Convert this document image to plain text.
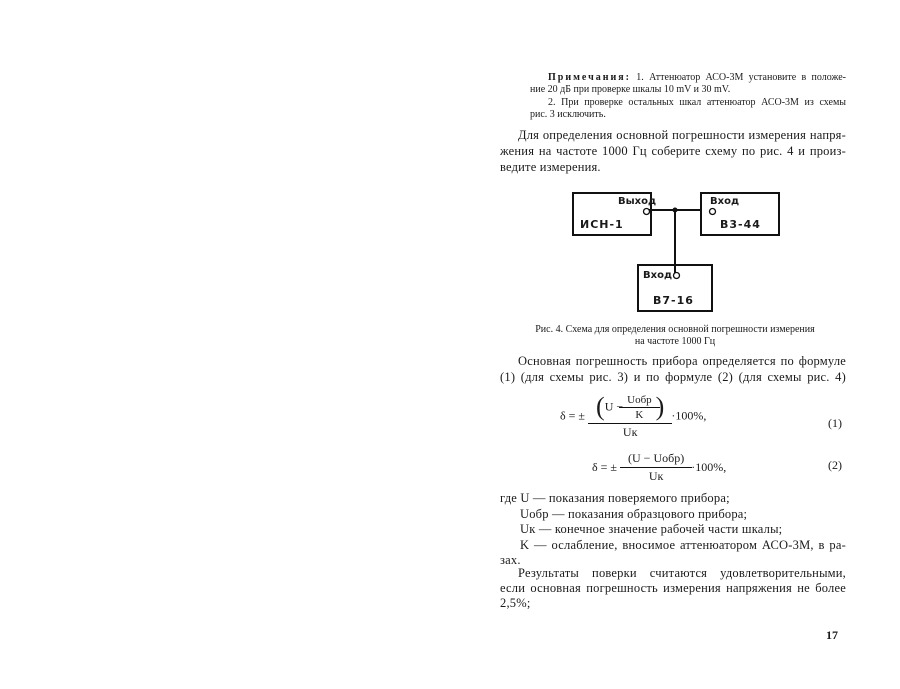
Примечания: 1. Аттенюатор АСО-3М установите в положе-
ние 20 дБ при проверке шкалы 10 mV и 30 mV.
2. При проверке остальных шкал аттенюатор АСО-3М из схемы
рис. 3 исключить.
Для определения основной погрешности измерения напря-
жения на частоте 1000 Гц соберите схему по рис. 4 и произ-
ведите измерения.
Выход
ИСН-1
Вход
В3-44
Вход
В7-16
Рис. 4. Схема для определения основной погрешности измерения
на частоте 1000 Гц
Основная погрешность прибора определяется по формуле
(1) (для схемы рис. 3) и по формуле (2) (для схемы рис. 4)
δ = ± $\frac{(U - \frac{\text{Uобр}}{K} )}{Uк} \cdot 100\%$,
(1)
δ = ± $\frac{\text{(U − Uобр)}}{Uк} \cdot 100\%$,	(2)
где U — показания поверяемого прибора;
Uобр — показания образцового прибора;
Uк — конечное значение рабочей части шкалы;
K — ослабление, вносимое аттенюатором АСО-3М, в ра-
зах.
Результаты поверки считаются удовлетворительными,
если основная погрешность измерения напряжения не более
2,5%;
17
